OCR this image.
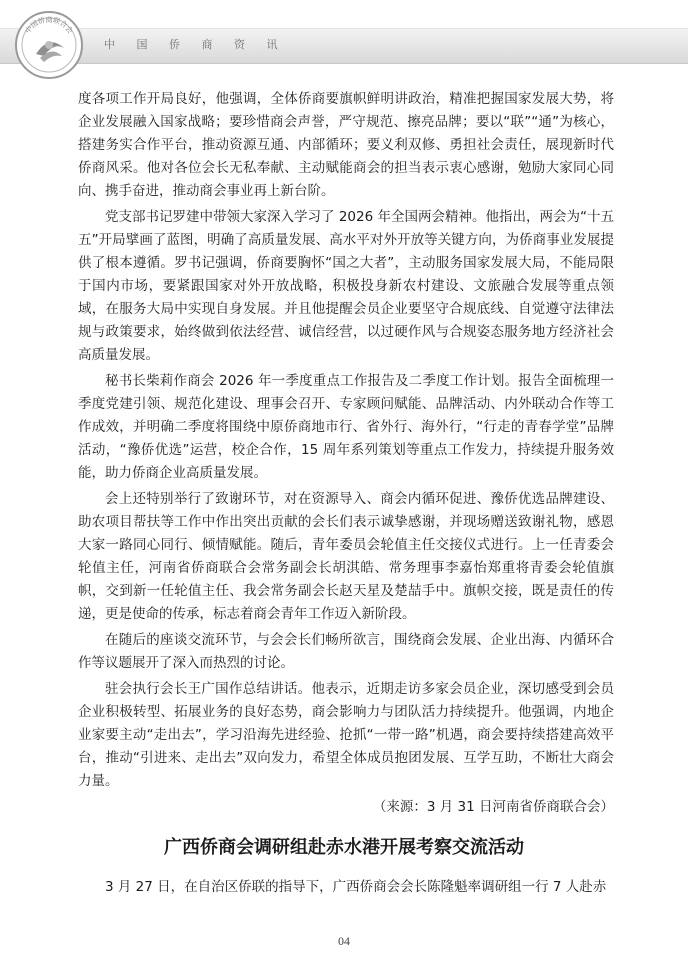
中国侨商联合会
中 国 侨 商 资 讯

度各项工作开局良好，他强调，全体侨商要旗帜鲜明讲政治，精准把握国家发展大势，将企业发展融入国家战略；要珍惜商会声誉，严守规范、擦亮品牌；要以“联”“通”为核心，搭建务实合作平台，推动资源互通、内部循环；要义利双修、勇担社会责任，展现新时代侨商风采。他对各位会长无私奉献、主动赋能商会的担当表示衷心感谢，勉励大家同心同向、携手奋进，推动商会事业再上新台阶。

党支部书记罗建中带领大家深入学习了 2026 年全国两会精神。他指出，两会为“十五五”开局擘画了蓝图，明确了高质量发展、高水平对外开放等关键方向，为侨商事业发展提供了根本遵循。罗书记强调，侨商要胸怀“国之大者”，主动服务国家发展大局，不能局限于国内市场，要紧跟国家对外开放战略，积极投身新农村建设、文旅融合发展等重点领域，在服务大局中实现自身发展。并且他提醒会员企业要坚守合规底线、自觉遵守法律法规与政策要求，始终做到依法经营、诚信经营，以过硬作风与合规姿态服务地方经济社会高质量发展。

秘书长柴莉作商会 2026 年一季度重点工作报告及二季度工作计划。报告全面梳理一季度党建引领、规范化建设、理事会召开、专家顾问赋能、品牌活动、内外联动合作等工作成效，并明确二季度将围绕中原侨商地市行、省外行、海外行，“行走的青春学堂”品牌活动，“豫侨优选”运营，校企合作，15 周年系列策划等重点工作发力，持续提升服务效能，助力侨商企业高质量发展。

会上还特别举行了致谢环节，对在资源导入、商会内循环促进、豫侨优选品牌建设、助农项目帮扶等工作中作出突出贡献的会长们表示诚挚感谢，并现场赠送致谢礼物，感恩大家一路同心同行、倾情赋能。随后，青年委员会轮值主任交接仪式进行。上一任青委会轮值主任，河南省侨商联合会常务副会长胡淇皓、常务理事李嘉怡郑重将青委会轮值旗帜，交到新一任轮值主任、我会常务副会长赵天星及楚喆手中。旗帜交接，既是责任的传递，更是使命的传承，标志着商会青年工作迈入新阶段。

在随后的座谈交流环节，与会会长们畅所欲言，围绕商会发展、企业出海、内循环合作等议题展开了深入而热烈的讨论。

驻会执行会长王广国作总结讲话。他表示，近期走访多家会员企业，深切感受到会员企业积极转型、拓展业务的良好态势，商会影响力与团队活力持续提升。他强调，内地企业家要主动“走出去”，学习沿海先进经验、抢抓“一带一路”机遇，商会要持续搭建高效平台，推动“引进来、走出去”双向发力，希望全体成员抱团发展、互学互助，不断壮大商会力量。

（来源：3 月 31 日河南省侨商联合会）

广西侨商会调研组赴赤水港开展考察交流活动

3 月 27 日，在自治区侨联的指导下，广西侨商会会长陈隆魁率调研组一行 7 人赴赤

04
